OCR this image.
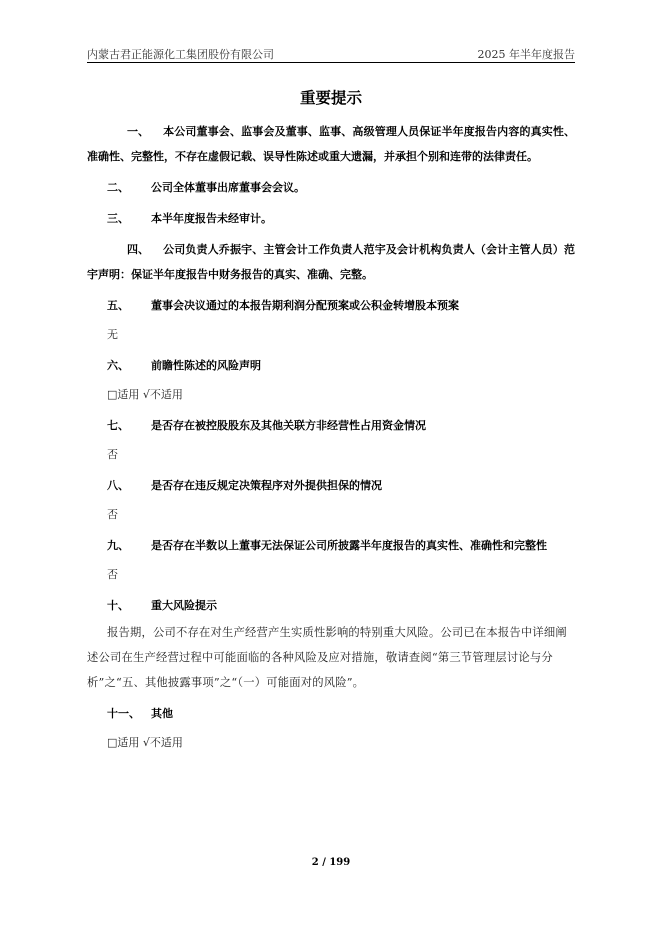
内蒙古君正能源化工集团股份有限公司	2025 年半年度报告
重要提示
一、 本公司董事会、监事会及董事、监事、高级管理人员保证半年度报告内容的真实性、准确性、完整性，不存在虚假记载、误导性陈述或重大遗漏，并承担个别和连带的法律责任。
二、 公司全体董事出席董事会会议。
三、 本半年度报告未经审计。
四、 公司负责人乔振宇、主管会计工作负责人范宇及会计机构负责人（会计主管人员）范宇声明：保证半年度报告中财务报告的真实、准确、完整。
五、 董事会决议通过的本报告期利润分配预案或公积金转增股本预案
无
六、 前瞻性陈述的风险声明
□适用 √不适用
七、 是否存在被控股股东及其他关联方非经营性占用资金情况
否
八、 是否存在违反规定决策程序对外提供担保的情况
否
九、 是否存在半数以上董事无法保证公司所披露半年度报告的真实性、准确性和完整性
否
十、 重大风险提示
报告期，公司不存在对生产经营产生实质性影响的特别重大风险。公司已在本报告中详细阐述公司在生产经营过程中可能面临的各种风险及应对措施，敬请查阅“第三节管理层讨论与分析”之“五、其他披露事项”之“（一）可能面对的风险”。
十一、 其他
□适用 √不适用
2 / 199
